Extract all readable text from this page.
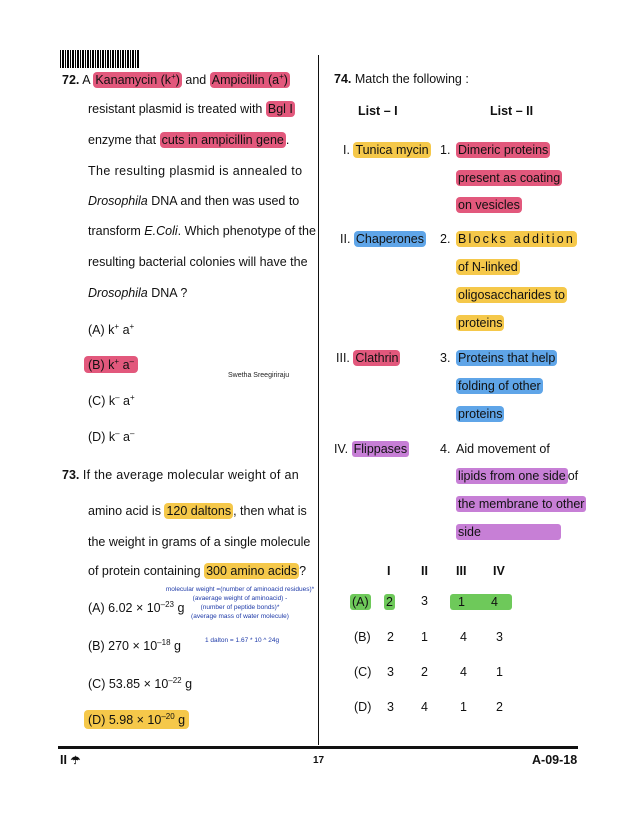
72. A Kanamycin (k+) and Ampicillin (a+)
resistant plasmid is treated with Bgl I
enzyme that cuts in ampicillin gene .
The resulting plasmid is annealed to
Drosophila DNA and then was used to
transform E.Coli. Which phenotype of the
resulting bacterial colonies will have the
Drosophila DNA ?
(A) k+ a+
(B) k+ a–
Swetha Sreegiriraju
(C) k– a+
(D) k– a–
73. If the average molecular weight of an
amino acid is 120 daltons , then what is
the weight in grams of a single molecule
of protein containing 300 amino acids ?
molecular weight =(number of aminoacid residues)*
(avaerage weight of aminoacid) -
(number of peptide bonds)*
(average mass of water molecule)
1 dalton = 1.67 * 10 ^ 24g
(A) $6.02 \times 10^{-23}$ g
(B) $270 \times 10^{-18}$ g
(C) $53.85 \times 10^{-22}$ g
(D) $5.98 \times 10^{-20}$ g
74. Match the following :
List – I	List – II
I. Tunica mycin 1. Dimeric proteins
present as coating
on vesicles
II. Chaperones 2. Blocks addition
of N-linked
oligosaccharides to
proteins
III. Clathrin	3. Proteins that help
folding of other
proteins
IV. Flippases	4. Aid movement of
lipids from one side of
the membrane to other
side
I II III IV
(A) 2 3	1 4
(B) 2 1	4 3
(C) 3 2	4 1
(D) 3 4	1 2
II ☂	17	A-09-18
